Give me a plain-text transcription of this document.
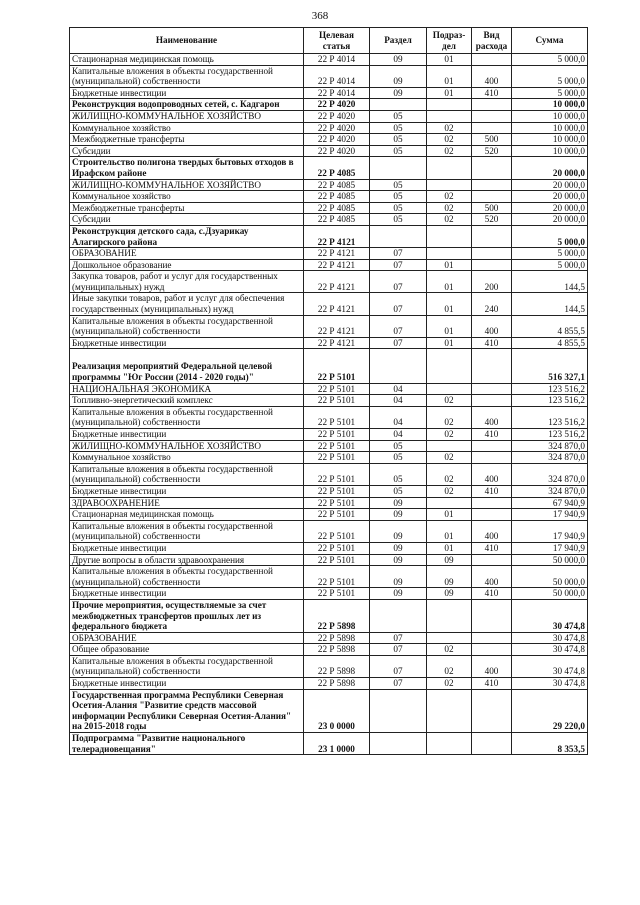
368
Наименование	Целевая статья	Раздел	Подраз- дел	Вид расхода	Сумма
Стационарная медицинская помощь	22 Р 4014	09	01		5 000,0
Капитальные вложения в объекты государственной (муниципальной) собственности	22 Р 4014	09	01	400	5 000,0
Бюджетные инвестиции	22 Р 4014	09	01	410	5 000,0
Реконструкция водопроводных сетей, с. Кадгарон	22 Р 4020				10 000,0
ЖИЛИЩНО-КОММУНАЛЬНОЕ ХОЗЯЙСТВО	22 Р 4020	05			10 000,0
Коммунальное хозяйство	22 Р 4020	05	02		10 000,0
Межбюджетные трансферты	22 Р 4020	05	02	500	10 000,0
Субсидии	22 Р 4020	05	02	520	10 000,0
Строительство полигона твердых бытовых отходов в Ирафском районе	22 Р 4085				20 000,0
ЖИЛИЩНО-КОММУНАЛЬНОЕ ХОЗЯЙСТВО	22 Р 4085	05			20 000,0
Коммунальное хозяйство	22 Р 4085	05	02		20 000,0
Межбюджетные трансферты	22 Р 4085	05	02	500	20 000,0
Субсидии	22 Р 4085	05	02	520	20 000,0
Реконструкция детского сада, с.Дзуарикау Алагирского района	22 Р 4121				5 000,0
ОБРАЗОВАНИЕ	22 Р 4121	07			5 000,0
Дошкольное образование	22 Р 4121	07	01		5 000,0
Закупка товаров, работ и услуг для государственных (муниципальных) нужд	22 Р 4121	07	01	200	144,5
Иные закупки товаров, работ и услуг для обеспечения государственных (муниципальных) нужд	22 Р 4121	07	01	240	144,5
Капитальные вложения в объекты государственной (муниципальной) собственности	22 Р 4121	07	01	400	4 855,5
Бюджетные инвестиции	22 Р 4121	07	01	410	4 855,5
Реализация мероприятий Федеральной целевой программы "Юг России (2014 - 2020 годы)"	22 Р 5101				516 327,1
НАЦИОНАЛЬНАЯ ЭКОНОМИКА	22 Р 5101	04			123 516,2
Топливно-энергетический комплекс	22 Р 5101	04	02		123 516,2
Капитальные вложения в объекты государственной (муниципальной) собственности	22 Р 5101	04	02	400	123 516,2
Бюджетные инвестиции	22 Р 5101	04	02	410	123 516,2
ЖИЛИЩНО-КОММУНАЛЬНОЕ ХОЗЯЙСТВО	22 Р 5101	05			324 870,0
Коммунальное хозяйство	22 Р 5101	05	02		324 870,0
Капитальные вложения в объекты государственной (муниципальной) собственности	22 Р 5101	05	02	400	324 870,0
Бюджетные инвестиции	22 Р 5101	05	02	410	324 870,0
ЗДРАВООХРАНЕНИЕ	22 Р 5101	09			67 940,9
Стационарная медицинская помощь	22 Р 5101	09	01		17 940,9
Капитальные вложения в объекты государственной (муниципальной) собственности	22 Р 5101	09	01	400	17 940,9
Бюджетные инвестиции	22 Р 5101	09	01	410	17 940,9
Другие вопросы в области здравоохранения	22 Р 5101	09	09		50 000,0
Капитальные вложения в объекты государственной (муниципальной) собственности	22 Р 5101	09	09	400	50 000,0
Бюджетные инвестиции	22 Р 5101	09	09	410	50 000,0
Прочие мероприятия, осуществляемые за счет межбюджетных трансфертов прошлых лет из федерального бюджета	22 Р 5898				30 474,8
ОБРАЗОВАНИЕ	22 Р 5898	07			30 474,8
Общее образование	22 Р 5898	07	02		30 474,8
Капитальные вложения в объекты государственной (муниципальной) собственности	22 Р 5898	07	02	400	30 474,8
Бюджетные инвестиции	22 Р 5898	07	02	410	30 474,8
Государственная программа Республики Северная Осетия-Алания "Развитие средств массовой информации Республики Северная Осетия-Алания" на 2015-2018 годы	23 0 0000				29 220,0
Подпрограмма "Развитие национального телерадиовещания"	23 1 0000				8 353,5
